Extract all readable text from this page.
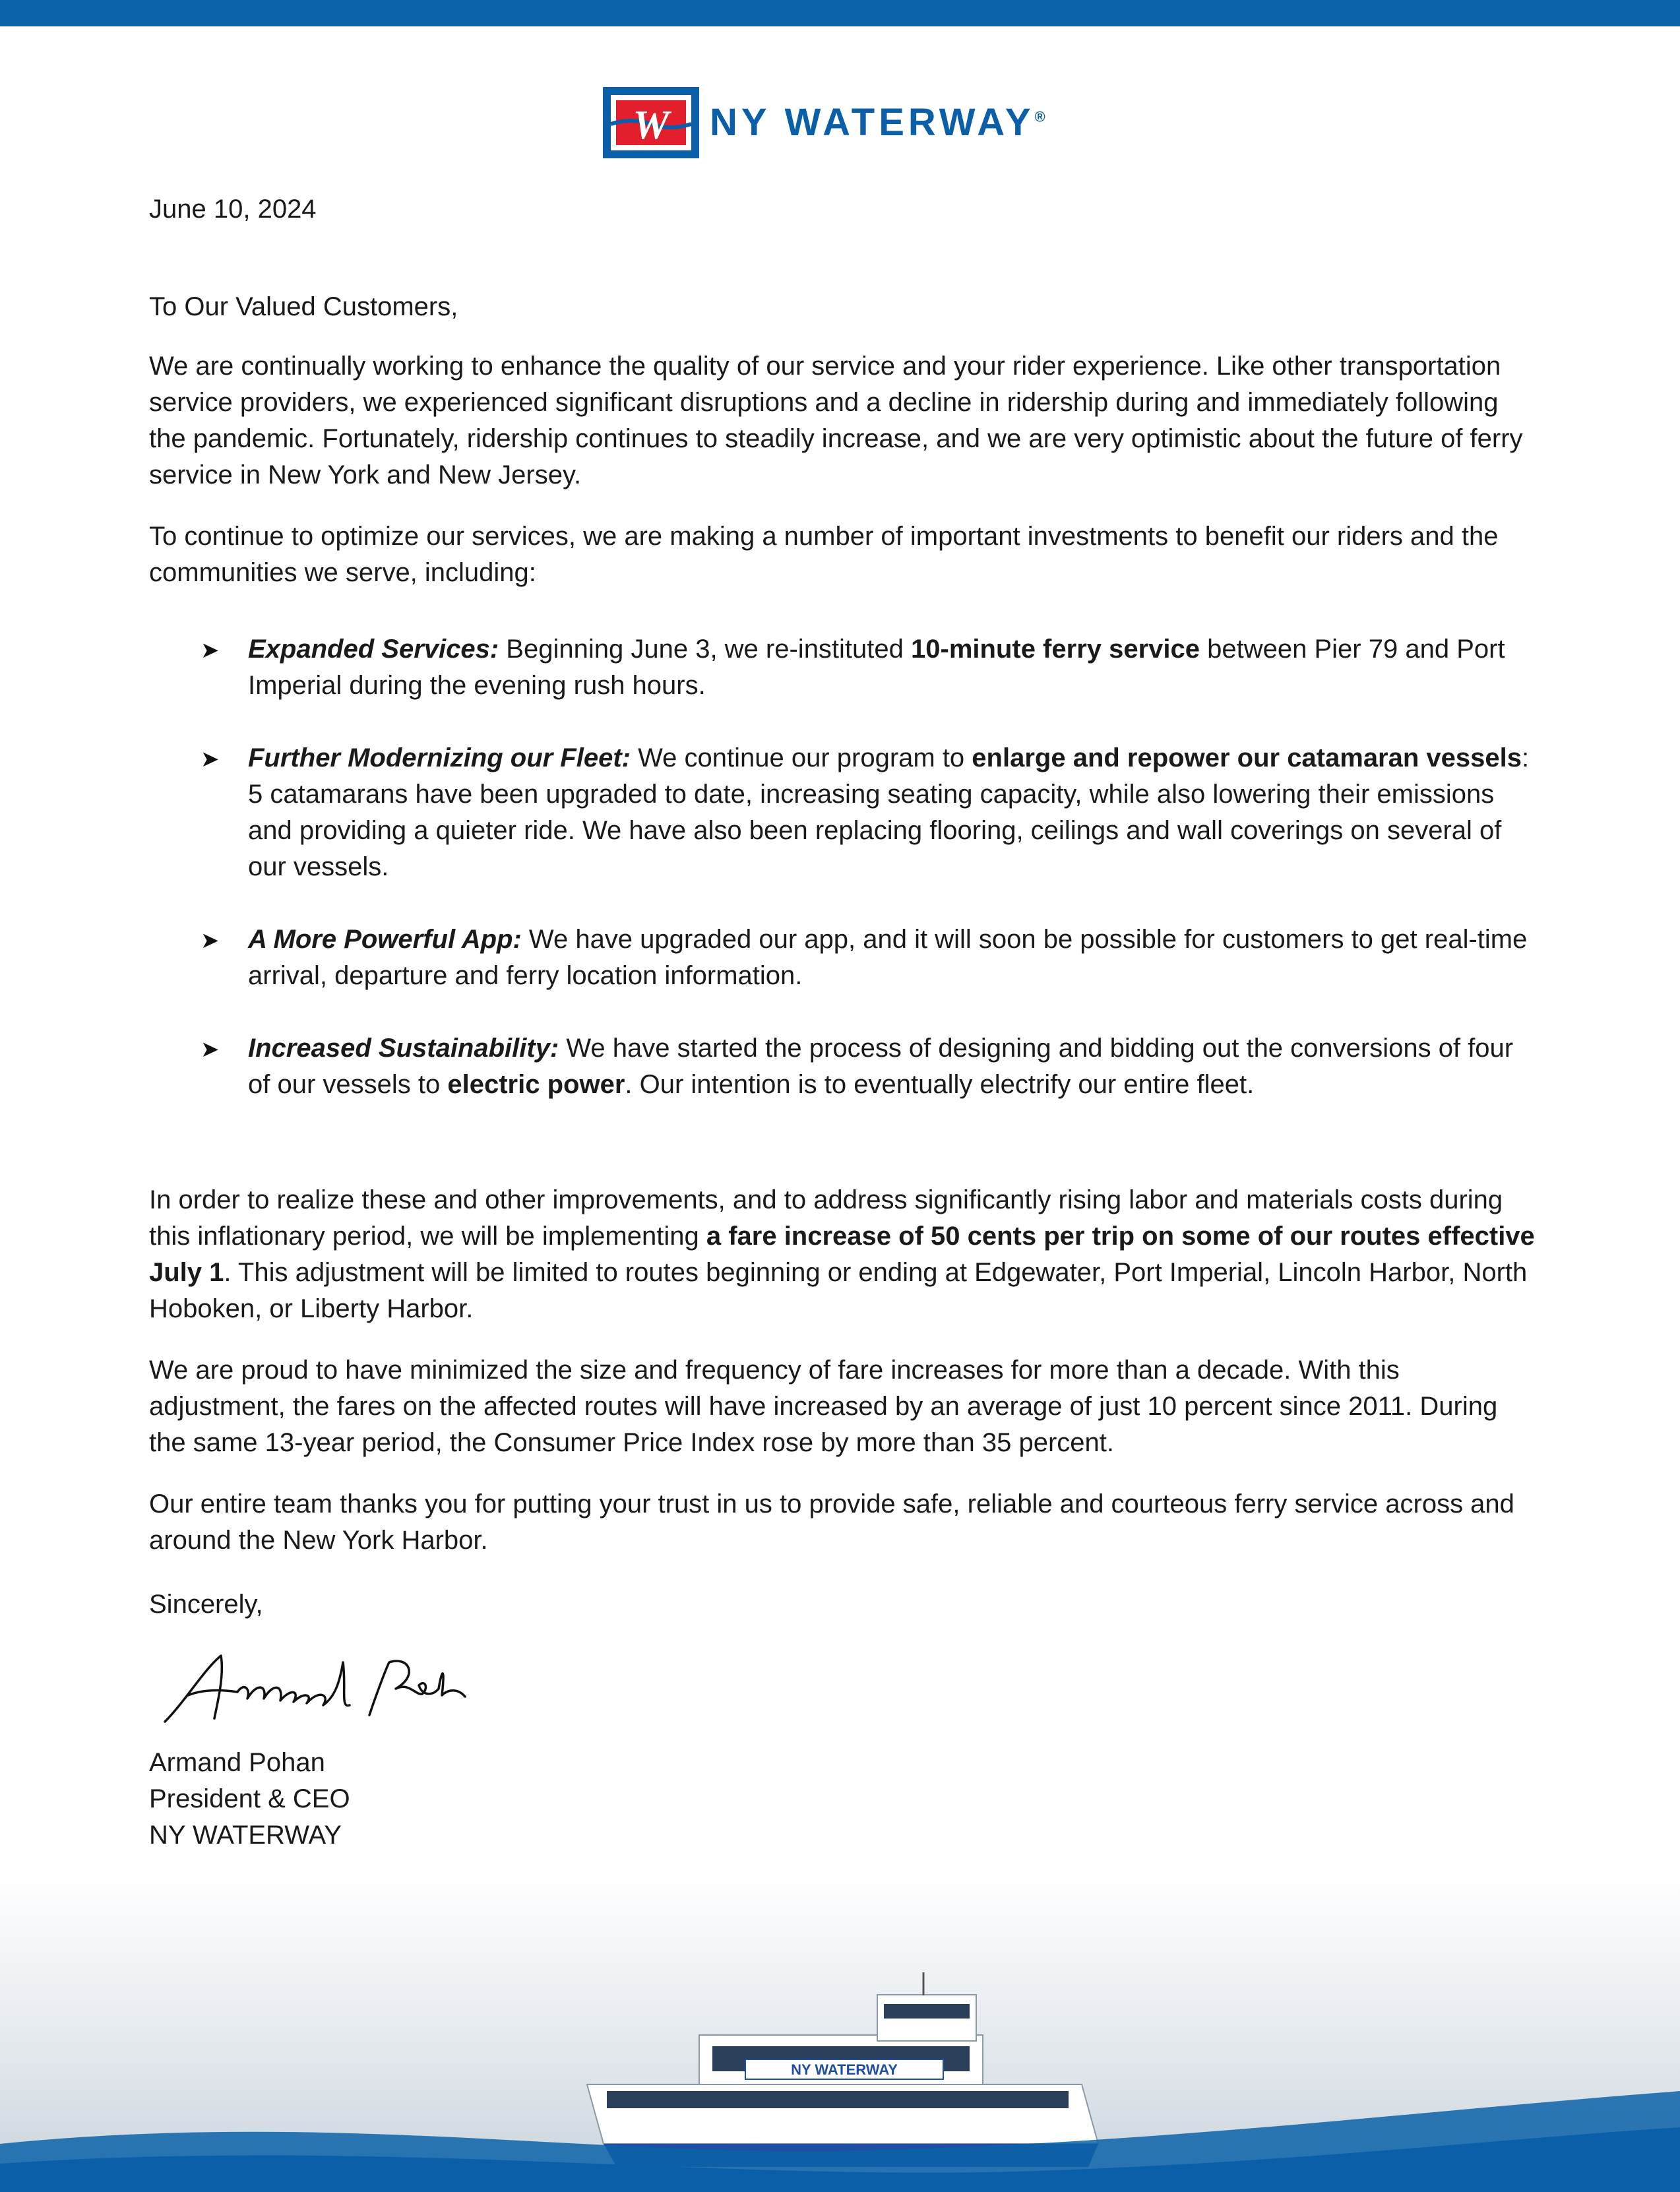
W NY WATERWAY®
June 10, 2024
To Our Valued Customers,

We are continually working to enhance the quality of our service and your rider experience. Like other transportation service providers, we experienced significant disruptions and a decline in ridership during and immediately following the pandemic. Fortunately, ridership continues to steadily increase, and we are very optimistic about the future of ferry service in New York and New Jersey.

To continue to optimize our services, we are making a number of important investments to benefit our riders and the communities we serve, including:

➤ Expanded Services: Beginning June 3, we re-instituted 10-minute ferry service between Pier 79 and Port Imperial during the evening rush hours.
➤ Further Modernizing our Fleet: We continue our program to enlarge and repower our catamaran vessels: 5 catamarans have been upgraded to date, increasing seating capacity, while also lowering their emissions and providing a quieter ride. We have also been replacing flooring, ceilings and wall coverings on several of our vessels.
➤ A More Powerful App: We have upgraded our app, and it will soon be possible for customers to get real-time arrival, departure and ferry location information.
➤ Increased Sustainability: We have started the process of designing and bidding out the conversions of four of our vessels to electric power. Our intention is to eventually electrify our entire fleet.

In order to realize these and other improvements, and to address significantly rising labor and materials costs during this inflationary period, we will be implementing a fare increase of 50 cents per trip on some of our routes effective July 1. This adjustment will be limited to routes beginning or ending at Edgewater, Port Imperial, Lincoln Harbor, North Hoboken, or Liberty Harbor.

We are proud to have minimized the size and frequency of fare increases for more than a decade. With this adjustment, the fares on the affected routes will have increased by an average of just 10 percent since 2011. During the same 13-year period, the Consumer Price Index rose by more than 35 percent.

Our entire team thanks you for putting your trust in us to provide safe, reliable and courteous ferry service across and around the New York Harbor.

Sincerely,
Armand Pohan
President & CEO
NY WATERWAY
NY WATERWAY
